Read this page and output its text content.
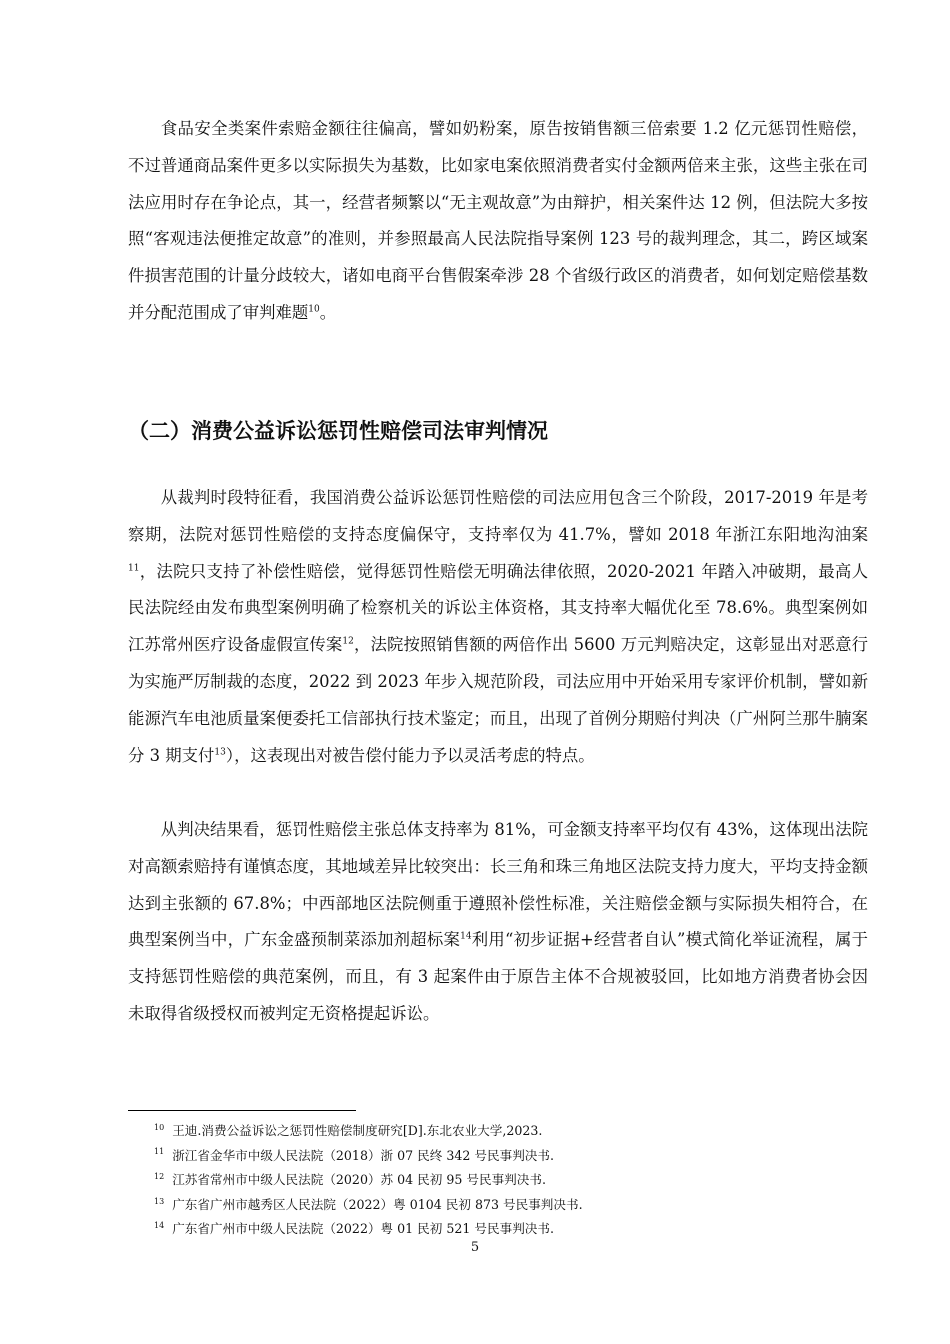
食品安全类案件索赔金额往往偏高，譬如奶粉案，原告按销售额三倍索要 1.2 亿元惩罚性赔偿，不过普通商品案件更多以实际损失为基数，比如家电案依照消费者实付金额两倍来主张，这些主张在司法应用时存在争论点，其一，经营者频繁以“无主观故意”为由辩护，相关案件达 12 例，但法院大多按照“客观违法便推定故意”的准则，并参照最高人民法院指导案例 123 号的裁判理念，其二，跨区域案件损害范围的计量分歧较大，诸如电商平台售假案牵涉 28 个省级行政区的消费者，如何划定赔偿基数并分配范围成了审判难题$^{10}$。

（二）消费公益诉讼惩罚性赔偿司法审判情况

从裁判时段特征看，我国消费公益诉讼惩罚性赔偿的司法应用包含三个阶段，2017-2019 年是考察期，法院对惩罚性赔偿的支持态度偏保守，支持率仅为 41.7%，譬如 2018 年浙江东阳地沟油案$^{11}$，法院只支持了补偿性赔偿，觉得惩罚性赔偿无明确法律依照，2020-2021 年踏入冲破期，最高人民法院经由发布典型案例明确了检察机关的诉讼主体资格，其支持率大幅优化至 78.6%。典型案例如江苏常州医疗设备虚假宣传案$^{12}$，法院按照销售额的两倍作出 5600 万元判赔决定，这彰显出对恶意行为实施严厉制裁的态度，2022 到 2023 年步入规范阶段，司法应用中开始采用专家评价机制，譬如新能源汽车电池质量案便委托工信部执行技术鉴定；而且，出现了首例分期赔付判决（广州阿兰那牛腩案分 3 期支付$^{13}$），这表现出对被告偿付能力予以灵活考虑的特点。

从判决结果看，惩罚性赔偿主张总体支持率为 81%，可金额支持率平均仅有 43%，这体现出法院对高额索赔持有谨慎态度，其地域差异比较突出：长三角和珠三角地区法院支持力度大，平均支持金额达到主张额的 67.8%；中西部地区法院侧重于遵照补偿性标准，关注赔偿金额与实际损失相符合，在典型案例当中，广东金盛预制菜添加剂超标案$^{14}$利用“初步证据+经营者自认”模式简化举证流程，属于支持惩罚性赔偿的典范案例，而且，有 3 起案件由于原告主体不合规被驳回，比如地方消费者协会因未取得省级授权而被判定无资格提起诉讼。

$^{10}$ 王迪.消费公益诉讼之惩罚性赔偿制度研究[D].东北农业大学,2023.
$^{11}$ 浙江省金华市中级人民法院（2018）浙 07 民终 342 号民事判决书.
$^{12}$ 江苏省常州市中级人民法院（2020）苏 04 民初 95 号民事判决书.
$^{13}$ 广东省广州市越秀区人民法院（2022）粤 0104 民初 873 号民事判决书.
$^{14}$ 广东省广州市中级人民法院（2022）粤 01 民初 521 号民事判决书.
5
